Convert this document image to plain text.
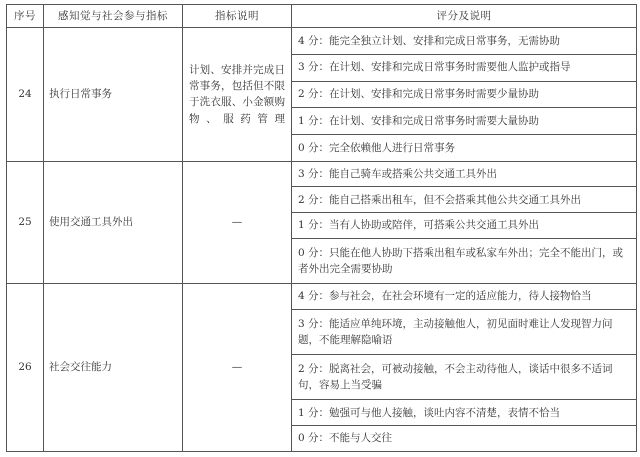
序号	感知觉与社会参与指标	指标说明	评分及说明
24	执行日常事务	计划、安排并完成日常事务，包括但不限于洗衣服、小金额购物、服药管理	4 分：能完全独立计划、安排和完成日常事务，无需协助
			3 分：在计划、安排和完成日常事务时需要他人监护或指导
			2 分：在计划、安排和完成日常事务时需要少量协助
			1 分：在计划、安排和完成日常事务时需要大量协助
			0 分：完全依赖他人进行日常事务
25	使用交通工具外出	—	3 分：能自己骑车或搭乘公共交通工具外出
			2 分：能自己搭乘出租车，但不会搭乘其他公共交通工具外出
			1 分：当有人协助或陪伴，可搭乘公共交通工具外出
			0 分：只能在他人协助下搭乘出租车或私家车外出；完全不能出门，或者外出完全需要协助
26	社会交往能力	—	4 分：参与社会，在社会环境有一定的适应能力，待人接物恰当
			3 分：能适应单纯环境，主动接触他人，初见面时难让人发现智力问题，不能理解隐喻语
			2 分：脱离社会，可被动接触，不会主动待他人，谈话中很多不适词句，容易上当受骗
			1 分：勉强可与他人接触，谈吐内容不清楚，表情不恰当
			0 分：不能与人交往
